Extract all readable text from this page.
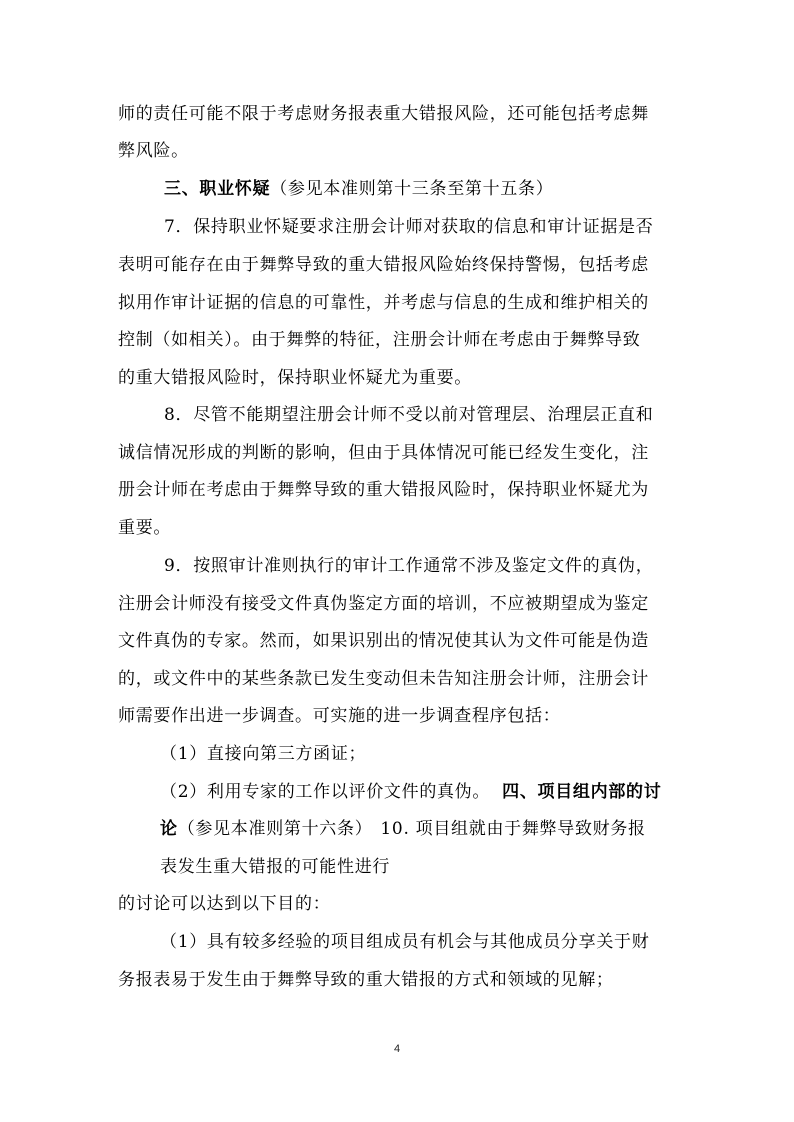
师的责任可能不限于考虑财务报表重大错报风险，还可能包括考虑舞
弊风险。
三、职业怀疑（参见本准则第十三条至第十五条）
7．保持职业怀疑要求注册会计师对获取的信息和审计证据是否
表明可能存在由于舞弊导致的重大错报风险始终保持警惕，包括考虑
拟用作审计证据的信息的可靠性，并考虑与信息的生成和维护相关的
控制（如相关）。由于舞弊的特征，注册会计师在考虑由于舞弊导致
的重大错报风险时，保持职业怀疑尤为重要。
8．尽管不能期望注册会计师不受以前对管理层、治理层正直和
诚信情况形成的判断的影响，但由于具体情况可能已经发生变化，注
册会计师在考虑由于舞弊导致的重大错报风险时，保持职业怀疑尤为
重要。
9．按照审计准则执行的审计工作通常不涉及鉴定文件的真伪，
注册会计师没有接受文件真伪鉴定方面的培训，不应被期望成为鉴定
文件真伪的专家。然而，如果识别出的情况使其认为文件可能是伪造
的，或文件中的某些条款已发生变动但未告知注册会计师，注册会计
师需要作出进一步调查。可实施的进一步调查程序包括：
（1）直接向第三方函证；
（2）利用专家的工作以评价文件的真伪。 四、项目组内部的讨
论（参见本准则第十六条） 10. 项目组就由于舞弊导致财务报
表发生重大错报的可能性进行
的讨论可以达到以下目的：
（1）具有较多经验的项目组成员有机会与其他成员分享关于财
务报表易于发生由于舞弊导致的重大错报的方式和领域的见解；
4
